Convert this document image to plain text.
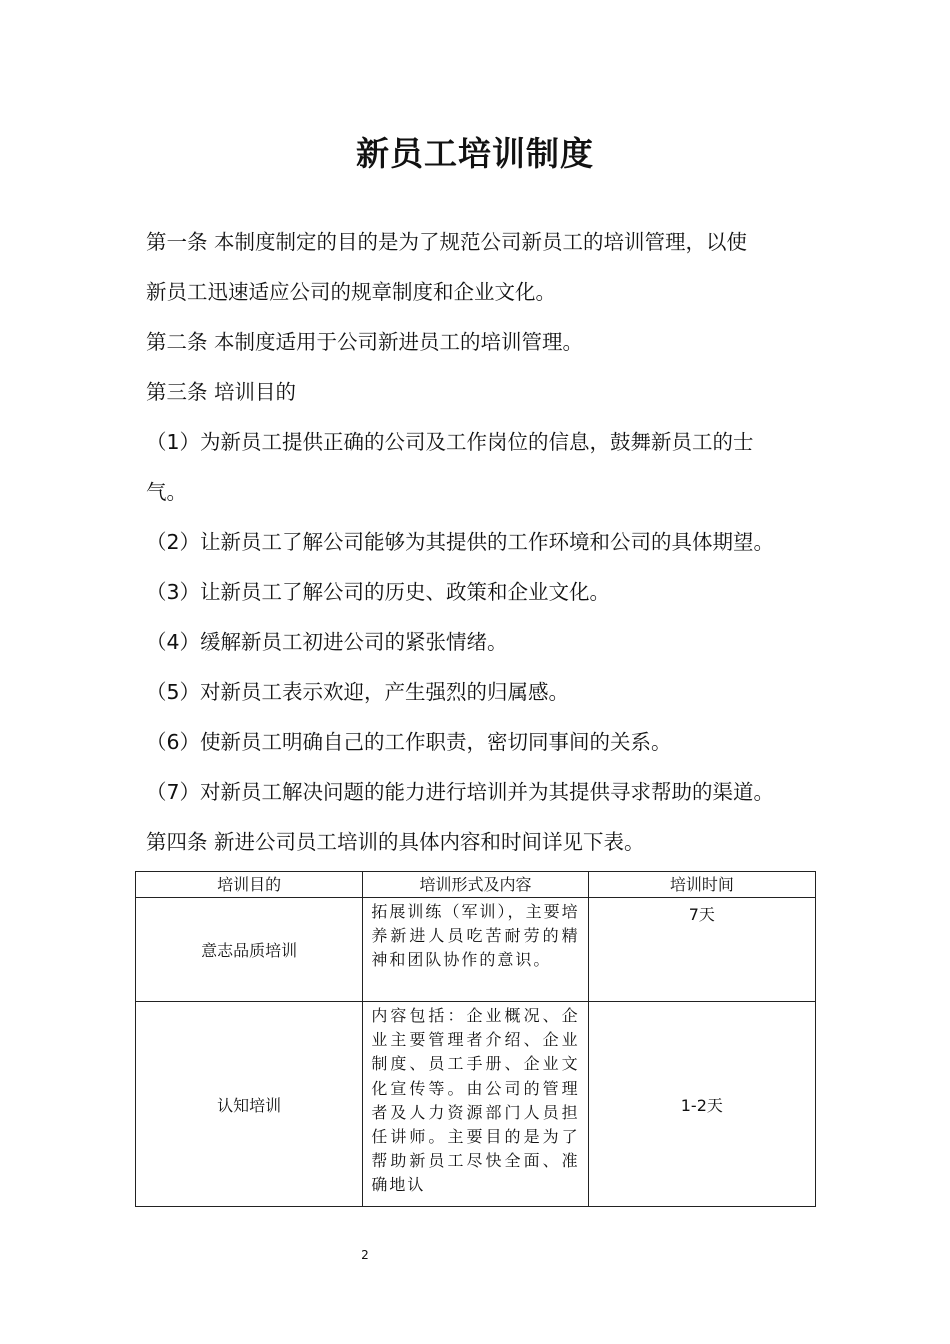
新员工培训制度

第一条 本制度制定的目的是为了规范公司新员工的培训管理，以使

新员工迅速适应公司的规章制度和企业文化。

第二条 本制度适用于公司新进员工的培训管理。

第三条 培训目的

（1）为新员工提供正确的公司及工作岗位的信息，鼓舞新员工的士

气。

（2）让新员工了解公司能够为其提供的工作环境和公司的具体期望。

（3）让新员工了解公司的历史、政策和企业文化。

（4）缓解新员工初进公司的紧张情绪。

（5）对新员工表示欢迎，产生强烈的归属感。

（6）使新员工明确自己的工作职责，密切同事间的关系。

（7）对新员工解决问题的能力进行培训并为其提供寻求帮助的渠道。

第四条 新进公司员工培训的具体内容和时间详见下表。

培训目的	培训形式及内容	培训时间
意志品质培训	拓展训练（军训），主要培养新进人员吃苦耐劳的精神和团队协作的意识。	7天
认知培训	内容包括：企业概况、企业主要管理者介绍、企业制度、员工手册、企业文化宣传等。由公司的管理者及人力资源部门人员担任讲师。主要目的是为了帮助新员工尽快全面、准确地认	1-2天
2
